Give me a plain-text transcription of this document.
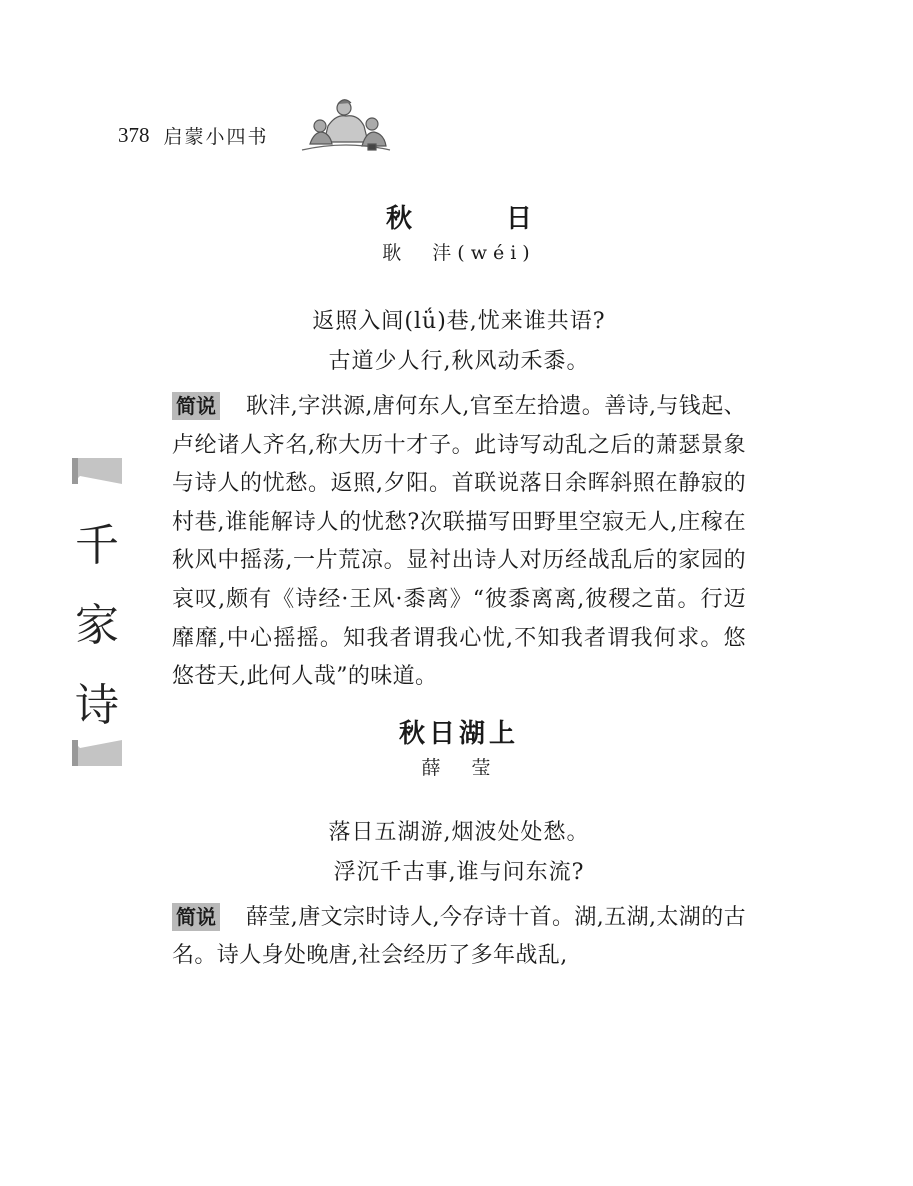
378 启蒙小四书
千
家
诗
秋　日
耿　沣(wéi)
返照入闾(lǘ)巷,忧来谁共语?
古道少人行,秋风动禾黍。
简说 耿沣,字洪源,唐何东人,官至左拾遗。善诗,与钱起、卢纶诸人齐名,称大历十才子。此诗写动乱之后的萧瑟景象与诗人的忧愁。返照,夕阳。首联说落日余晖斜照在静寂的村巷,谁能解诗人的忧愁?次联描写田野里空寂无人,庄稼在秋风中摇荡,一片荒凉。显衬出诗人对历经战乱后的家园的哀叹,颇有《诗经·王风·黍离》“彼黍离离,彼稷之苗。行迈靡靡,中心摇摇。知我者谓我心忧,不知我者谓我何求。悠悠苍天,此何人哉”的味道。
秋日湖上
薛　莹
落日五湖游,烟波处处愁。
浮沉千古事,谁与问东流?
简说 薛莹,唐文宗时诗人,今存诗十首。湖,五湖,太湖的古名。诗人身处晚唐,社会经历了多年战乱,
